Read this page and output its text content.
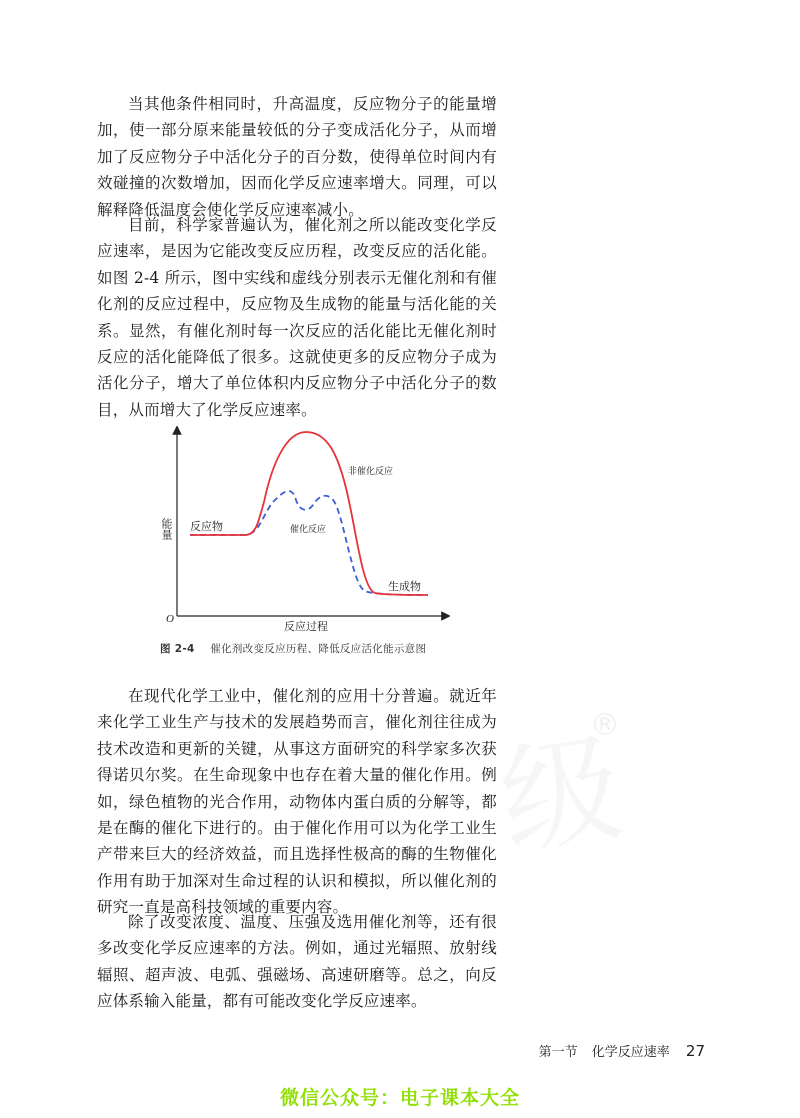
当其他条件相同时，升高温度，反应物分子的能量增加，使一部分原来能量较低的分子变成活化分子，从而增加了反应物分子中活化分子的百分数，使得单位时间内有效碰撞的次数增加，因而化学反应速率增大。同理，可以解释降低温度会使化学反应速率减小。

目前，科学家普遍认为，催化剂之所以能改变化学反应速率，是因为它能改变反应历程，改变反应的活化能。如图 2-4 所示，图中实线和虚线分别表示无催化剂和有催化剂的反应过程中，反应物及生成物的能量与活化能的关系。显然，有催化剂时每一次反应的活化能比无催化剂时反应的活化能降低了很多。这就使更多的反应物分子成为活化分子，增大了单位体积内反应物分子中活化分子的数目，从而增大了化学反应速率。

能量 反应物
非催化反应
催化反应
生成物
O
反应过程
图 2-4 催化剂改变反应历程、降低反应活化能示意图
®

在现代化学工业中，催化剂的应用十分普遍。就近年来化学工业生产与技术的发展趋势而言，催化剂往往成为技术改造和更新的关键，从事这方面研究的科学家多次获得诺贝尔奖。在生命现象中也存在着大量的催化作用。例如，绿色植物的光合作用，动物体内蛋白质的分解等，都是在酶的催化下进行的。由于催化作用可以为化学工业生产带来巨大的经济效益，而且选择性极高的酶的生物催化作用有助于加深对生命过程的认识和模拟，所以催化剂的研究一直是高科技领域的重要内容。

除了改变浓度、温度、压强及选用催化剂等，还有很多改变化学反应速率的方法。例如，通过光辐照、放射线辐照、超声波、电弧、强磁场、高速研磨等。总之，向反应体系输入能量，都有可能改变化学反应速率。

第一节 化学反应速率 27
微信公众号：电子课本大全
